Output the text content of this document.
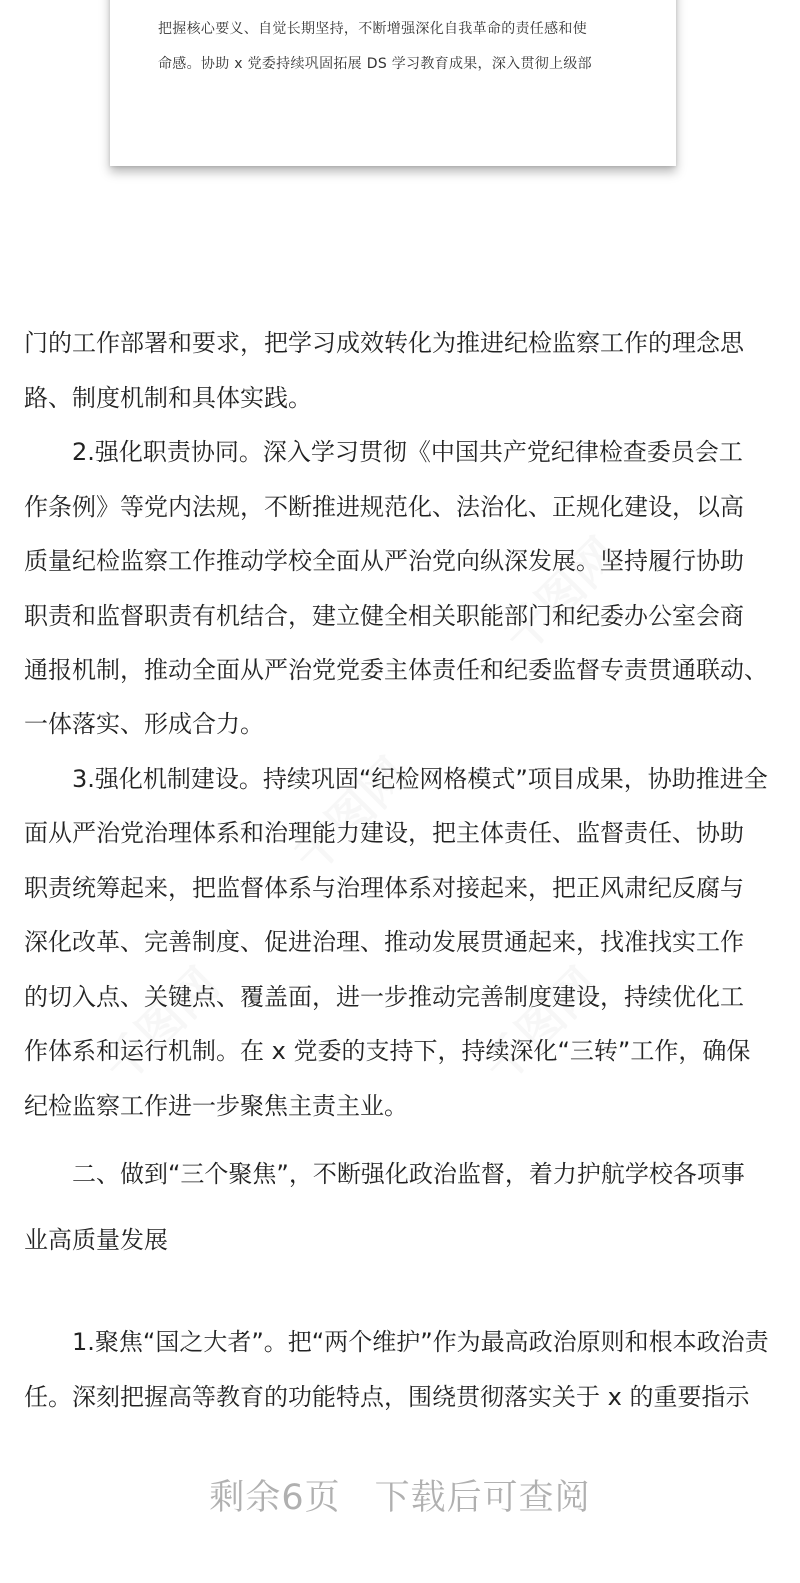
把握核心要义、自觉长期坚持，不断增强深化自我革命的责任感和使
命感。协助 x 党委持续巩固拓展 DS 学习教育成果，深入贯彻上级部
千图网
千图网
千图网	千图网
门的工作部署和要求，把学习成效转化为推进纪检监察工作的理念思
路、制度机制和具体实践。
2.强化职责协同。深入学习贯彻《中国共产党纪律检查委员会工
作条例》等党内法规，不断推进规范化、法治化、正规化建设，以高
质量纪检监察工作推动学校全面从严治党向纵深发展。坚持履行协助
职责和监督职责有机结合，建立健全相关职能部门和纪委办公室会商
通报机制，推动全面从严治党党委主体责任和纪委监督专责贯通联动、
一体落实、形成合力。
3.强化机制建设。持续巩固“纪检网格模式”项目成果，协助推进全
面从严治党治理体系和治理能力建设，把主体责任、监督责任、协助
职责统筹起来，把监督体系与治理体系对接起来，把正风肃纪反腐与
深化改革、完善制度、促进治理、推动发展贯通起来，找准找实工作
的切入点、关键点、覆盖面，进一步推动完善制度建设，持续优化工
作体系和运行机制。在 x 党委的支持下，持续深化“三转”工作，确保
纪检监察工作进一步聚焦主责主业。
二、做到“三个聚焦”，不断强化政治监督，着力护航学校各项事
业高质量发展
1.聚焦“国之大者”。把“两个维护”作为最高政治原则和根本政治责
任。深刻把握高等教育的功能特点，围绕贯彻落实关于 x 的重要指示
剩余6页 下载后可查阅
